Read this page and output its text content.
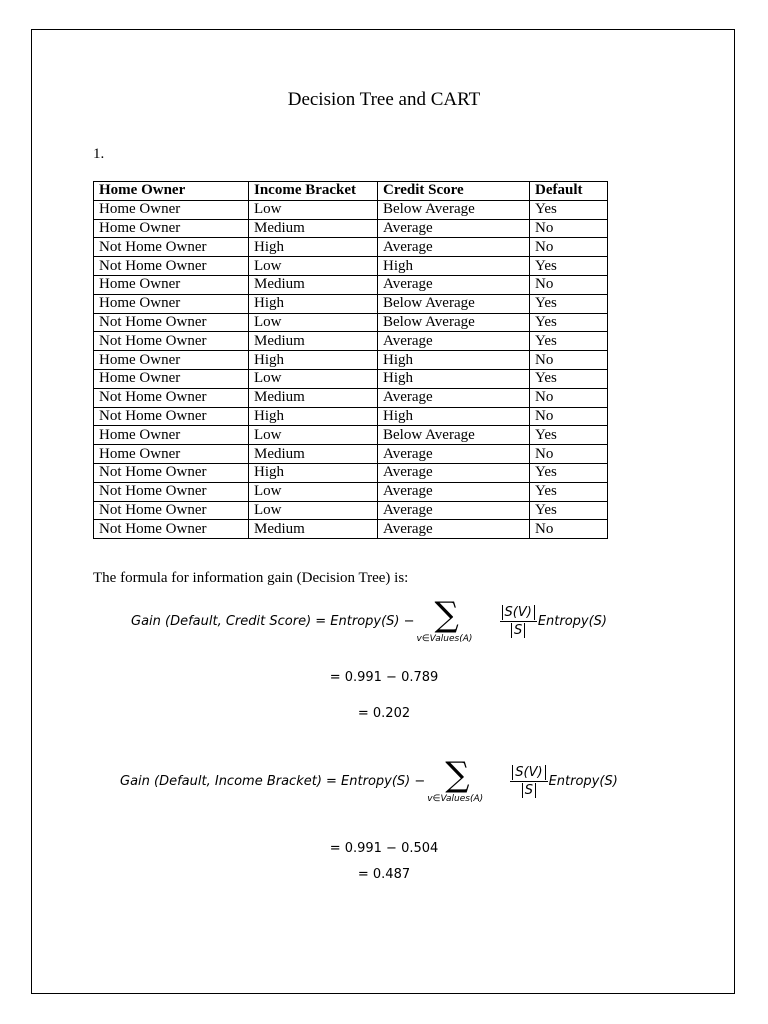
Decision Tree and CART
1.
Home Owner	Income Bracket	Credit Score	Default
Home Owner	Low	Below Average	Yes
Home Owner	Medium	Average	No
Not Home Owner	High	Average	No
Not Home Owner	Low	High	Yes
Home Owner	Medium	Average	No
Home Owner	High	Below Average	Yes
Not Home Owner	Low	Below Average	Yes
Not Home Owner	Medium	Average	Yes
Home Owner	High	High	No
Home Owner	Low	High	Yes
Not Home Owner	Medium	Average	No
Not Home Owner	High	High	No
Home Owner	Low	Below Average	Yes
Home Owner	Medium	Average	No
Not Home Owner	High	Average	Yes
Not Home Owner	Low	Average	Yes
Not Home Owner	Low	Average	Yes
Not Home Owner	Medium	Average	No
The formula for information gain (Decision Tree) is:
Gain (Default, Credit Score) = Entropy(S) − ∑
v∈Values(A)
$\frac{S(V)}{S}$ Entropy(S)
= 0.991 − 0.789
= 0.202
Gain (Default, Income Bracket) = Entropy(S) − ∑
v∈Values(A)
$\frac{S(V)}{S}$ Entropy(S)
= 0.991 − 0.504
= 0.487
